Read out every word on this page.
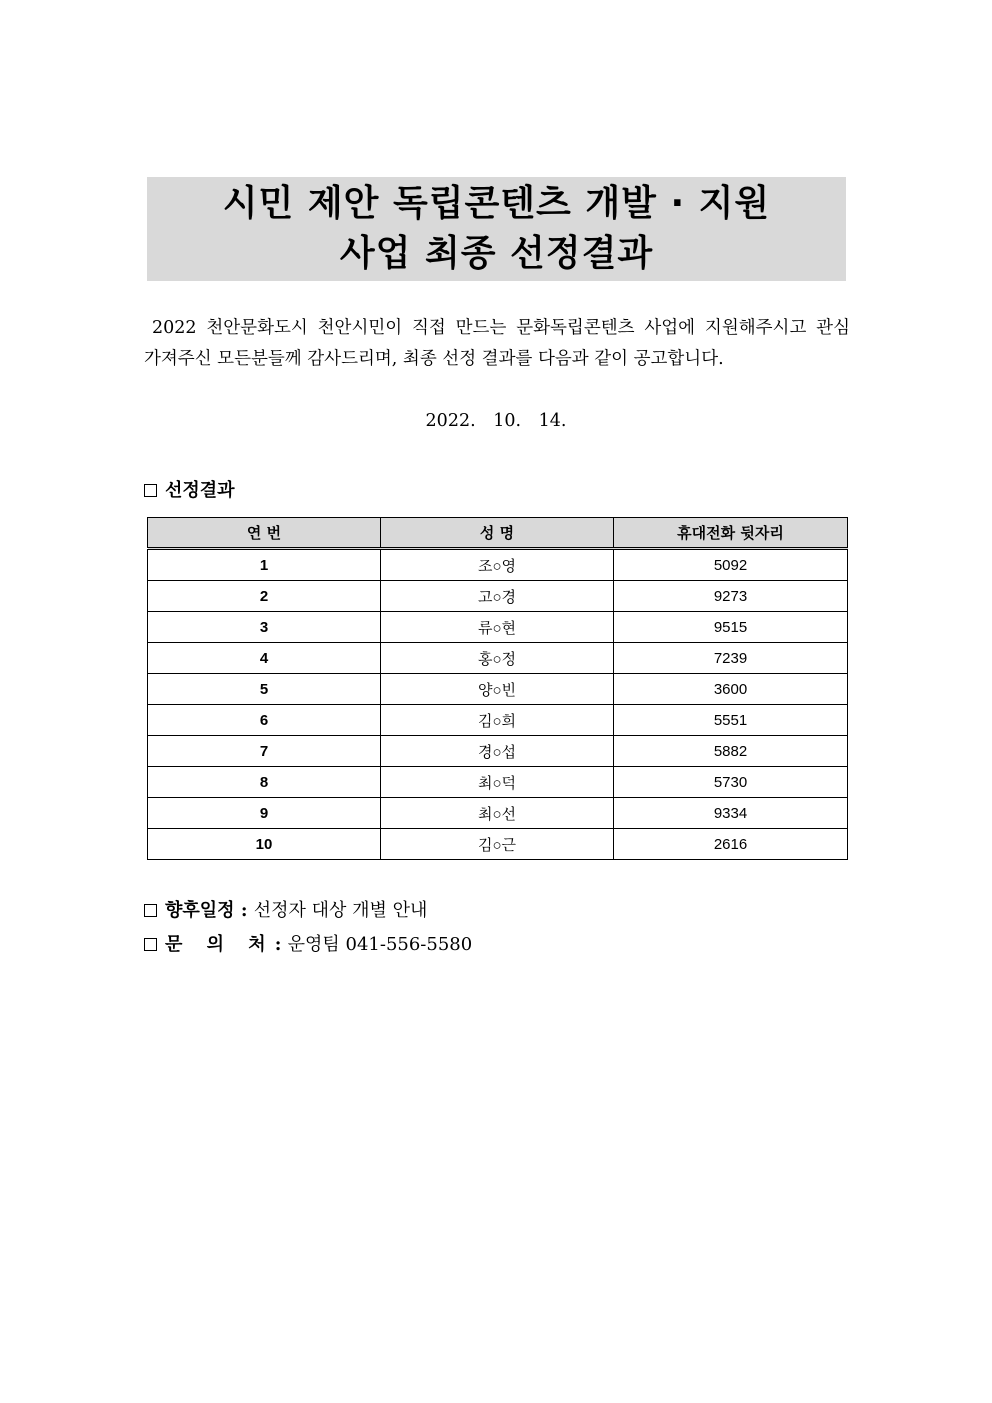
시민 제안 독립콘텐츠 개발 · 지원
사업 최종 선정결과
2022 천안문화도시 천안시민이 직접 만드는 문화독립콘텐츠 사업에 지원해주시고 관심 가져주신 모든분들께 감사드리며, 최종 선정 결과를 다음과 같이 공고합니다.
2022. 10. 14.
선정결과
연 번	성 명	휴대전화 뒷자리
1	조○영	5092
2	고○경	9273
3	류○현	9515
4	홍○정	7239
5	양○빈	3600
6	김○희	5551
7	경○섭	5882
8	최○덕	5730
9	최○선	9334
10	김○근	2616
향후일정 : 선정자 대상 개별 안내
문 의 처: 운영팀 041-556-5580
